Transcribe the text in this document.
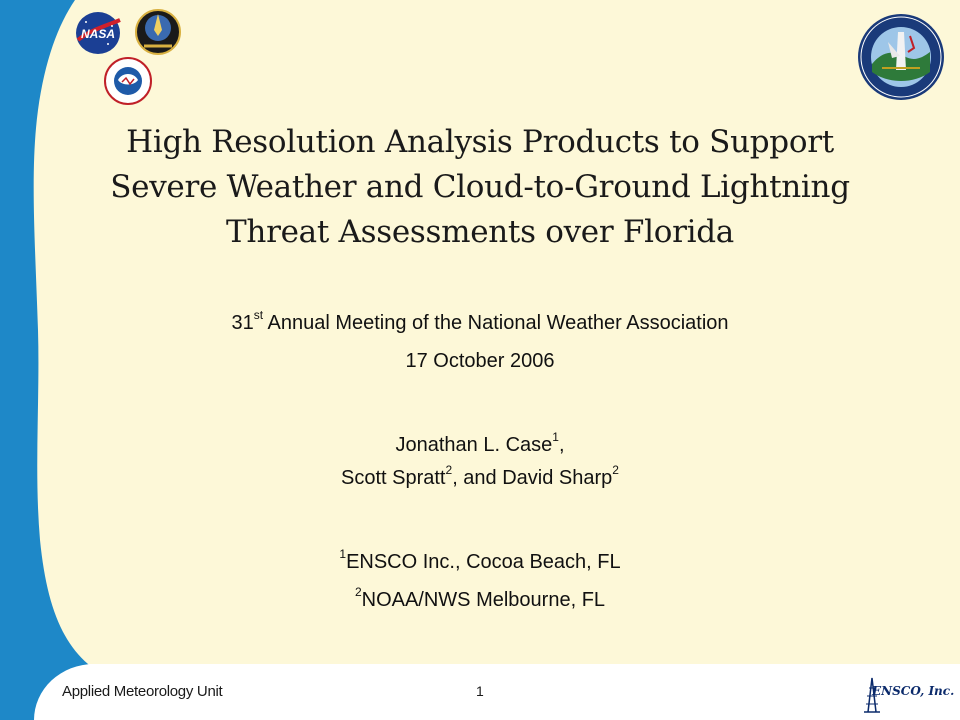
NASA
High Resolution Analysis Products to Support
Severe Weather and Cloud-to-Ground Lightning
Threat Assessments over Florida
31st Annual Meeting of the National Weather Association
17 October 2006
Jonathan L. Case$^1$,
Scott Spratt$^2$, and David Sharp$^2$
$^1$ENSCO Inc., Cocoa Beach, FL
$^2$NOAA/NWS Melbourne, FL
Applied Meteorology Unit	1	ENSCO, Inc.
